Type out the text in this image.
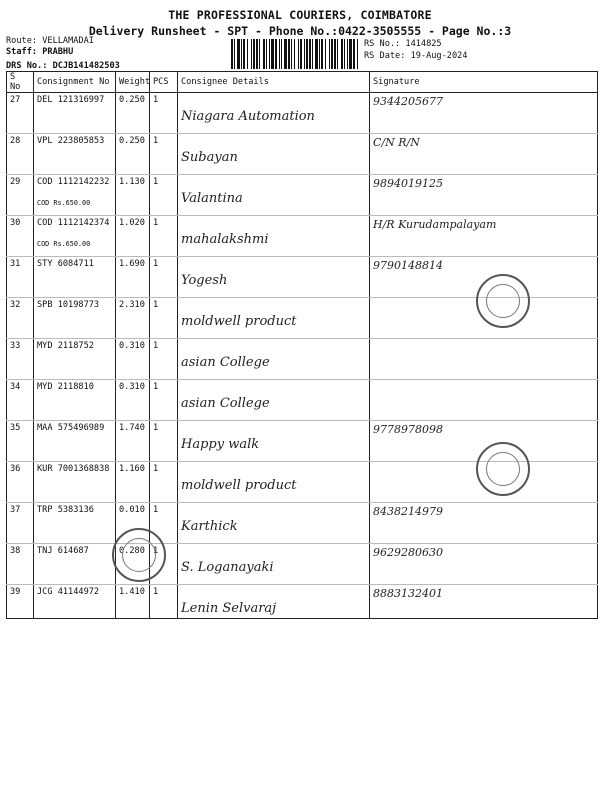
THE PROFESSIONAL COURIERS, COIMBATORE
Delivery Runsheet - SPT - Phone No.:0422-3505555 - Page No.:3
Route: VELLAMADAI
Staff: PRABHU
DRS No.: DCJB141482503
RS No.: 1414825
RS Date: 19-Aug-2024
S No	Consignment No	Weight	PCS	Consignee Details	Signature
27	DEL 121316997	0.250	1	Niagara Automation	9344205677

28	VPL 223805853	0.250	1	Subayan	C/N R/N

29	COD 1112142232
COD Rs.650.00	1.130	1	Valantina	9894019125

30	COD 1112142374
COD Rs.650.00	1.020	1	mahalakshmi	H/R Kurudampalayam

31	STY 6084711	1.690	1	Yogesh	9790148814

32	SPB 10198773	2.310	1	moldwell product	

33	MYD 2118752	0.310	1	asian College	

34	MYD 2118810	0.310	1	asian College	

35	MAA 575496989	1.740	1	Happy walk	9778978098

36	KUR 7001368838	1.160	1	moldwell product	

37	TRP 5383136	0.010	1	Karthick	8438214979

38	TNJ 614687	0.280	1	S. Loganayaki	9629280630

39	JCG 41144972	1.410	1	Lenin Selvaraj	8883132401
